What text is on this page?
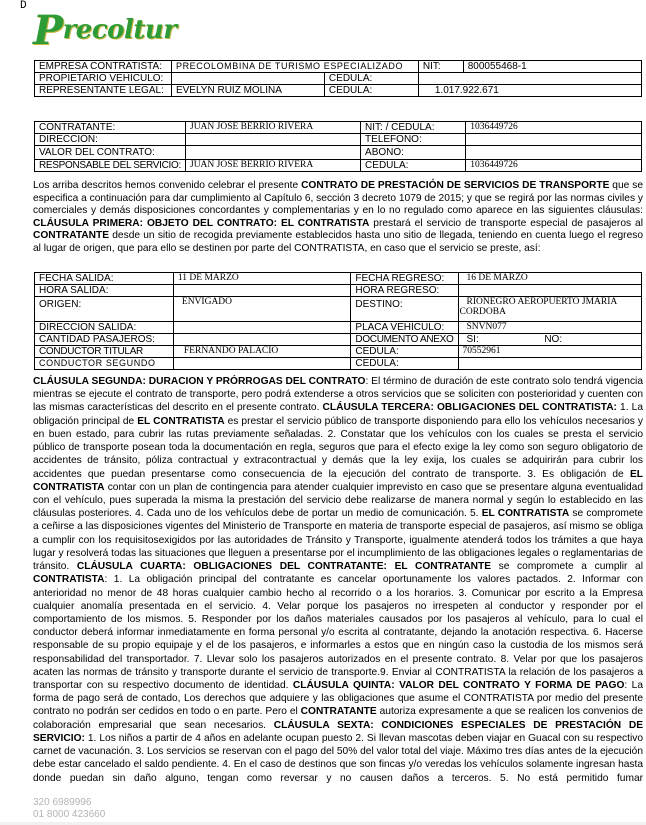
D
Precoltur
EMPRESA CONTRATISTA:	PRECOLOMBINA DE TURISMO ESPECIALIZADO		NIT:	800055468-1
PROPIETARIO VEHÍCULO:		CEDULA:		
REPRESENTANTE LEGAL:	EVELYN RUIZ MOLINA	CEDULA:	1.017.922.671	
CONTRATANTE:	JUAN JOSE BERRIO RIVERA	NIT: / CEDULA:	1036449726
DIRECCIÓN:		TELEFONO:	
VALOR DEL CONTRATO:		ABONO:	
RESPONSABLE DEL SERVICIO:	JUAN JOSE BERRIO RIVERA	CEDULA:	1036449726
Los arriba descritos hemos convenido celebrar el presente CONTRATO DE PRESTACIÓN DE SERVICIOS DE TRANSPORTE que se especifica a continuación para dar cumplimiento al Capítulo 6, sección 3 decreto 1079 de 2015; y que se regirá por las normas civiles y comerciales y demás disposiciones concordantes y complementarias y en lo no regulado como aparece en las siguientes cláusulas: CLÁUSULA PRIMERA: OBJETO DEL CONTRATO: EL CONTRATISTA prestará el servicio de transporte especial de pasajeros al CONTRATANTE desde un sitio de recogida previamente establecidos hasta uno sitio de llegada, teniendo en cuenta luego el regreso al lugar de origen, que para ello se destinen por parte del CONTRATISTA, en caso que el servicio se preste, así:
FECHA SALIDA:	11 DE MARZO	FECHA REGRESO:	16 DE MARZO
HORA SALIDA:		HORA REGRESO:	
ORIGEN:	ENVIGADO	DESTINO:	RIONEGRO AEROPUERTO JMARIA CORDOBA
DIRECCION SALIDA:		PLACA VEHÍCULO:	SNVN077
CANTIDAD PASAJEROS:		DOCUMENTO ANEXO	SI: NO:
CONDUCTOR TITULAR	FERNANDO PALACIO	CEDULA:	70552961
CONDUCTOR SEGUNDO		CEDULA:	
CLÁUSULA SEGUNDA: DURACION Y PRÓRROGAS DEL CONTRATO: El término de duración de este contrato solo tendrá vigencia mientras se ejecute el contrato de transporte, pero podrá extenderse a otros servicios que se soliciten con posterioridad y cuenten con las mismas características del descrito en el presente contrato. CLÁUSULA TERCERA: OBLIGACIONES DEL CONTRATISTA: 1. La obligación principal de EL CONTRATISTA es prestar el servicio público de transporte disponiendo para ello los vehículos necesarios y en buen estado, para cubrir las rutas previamente señaladas. 2. Constatar que los vehículos con los cuales se presta el servicio público de transporte posean toda la documentación en regla, seguros que para el efecto exige la ley como son seguro obligatorio de accidentes de tránsito, póliza contractual y extracontractual y demás que la ley exija, los cuales se adquirirán para cubrir los accidentes que puedan presentarse como consecuencia de la ejecución del contrato de transporte. 3. Es obligación de EL CONTRATISTA contar con un plan de contingencia para atender cualquier imprevisto en caso que se presentare alguna eventualidad con el vehículo, pues superada la misma la prestación del servicio debe realizarse de manera normal y según lo establecido en las cláusulas posteriores. 4. Cada uno de los vehículos debe de portar un medio de comunicación. 5. EL CONTRATISTA se compromete a ceñirse a las disposiciones vigentes del Ministerio de Transporte en materia de transporte especial de pasajeros, así mismo se obliga a cumplir con los requisitosexigidos por las autoridades de Tránsito y Transporte, igualmente atenderá todos los trámites a que haya lugar y resolverá todas las situaciones que lleguen a presentarse por el incumplimiento de las obligaciones legales o reglamentarias de tránsito. CLÁUSULA CUARTA: OBLIGACIONES DEL CONTRATANTE: EL CONTRATANTE se compromete a cumplir al CONTRATISTA: 1. La obligación principal del contratante es cancelar oportunamente los valores pactados. 2. Informar con anterioridad no menor de 48 horas cualquier cambio hecho al recorrido o a los horarios. 3. Comunicar por escrito a la Empresa cualquier anomalía presentada en el servicio. 4. Velar porque los pasajeros no irrespeten al conductor y responder por el comportamiento de los mismos. 5. Responder por los daños materiales causados por los pasajeros al vehículo, para lo cual el conductor deberá informar inmediatamente en forma personal y/o escrita al contratante, dejando la anotación respectiva. 6. Hacerse responsable de su propio equipaje y el de los pasajeros, e informarles a estos que en ningún caso la custodia de los mismos será responsabilidad del transportador. 7. Llevar solo los pasajeros autorizados en el presente contrato. 8. Velar por que los pasajeros acaten las normas de tránsito y transporte durante el servicio de transporte.9. Enviar al CONTRATISTA la relación de los pasajeros a transportar con su respectivo documento de identidad. CLÁUSULA QUINTA: VALOR DEL CONTRATO Y FORMA DE PAGO: La forma de pago será de contado, Los derechos que adquiere y las obligaciones que asume el CONTRATISTA por medio del presente contrato no podrán ser cedidos en todo o en parte. Pero el CONTRATANTE autoriza expresamente a que se realicen los convenios de colaboración empresarial que sean necesarios. CLÁUSULA SEXTA: CONDICIONES ESPECIALES DE PRESTACIÓN DE SERVICIO: 1. Los niños a partir de 4 años en adelante ocupan puesto 2. Si llevan mascotas deben viajar en Guacal con su respectivo carnet de vacunación. 3. Los servicios se reservan con el pago del 50% del valor total del viaje. Máximo tres días antes de la ejecución debe estar cancelado el saldo pendiente. 4. En el caso de destinos que son fincas y/o veredas los vehículos solamente ingresan hasta donde puedan sin daño alguno, tengan como reversar y no causen daños a terceros. 5. No está permitido fumar
320 6989996
01 8000 423660
